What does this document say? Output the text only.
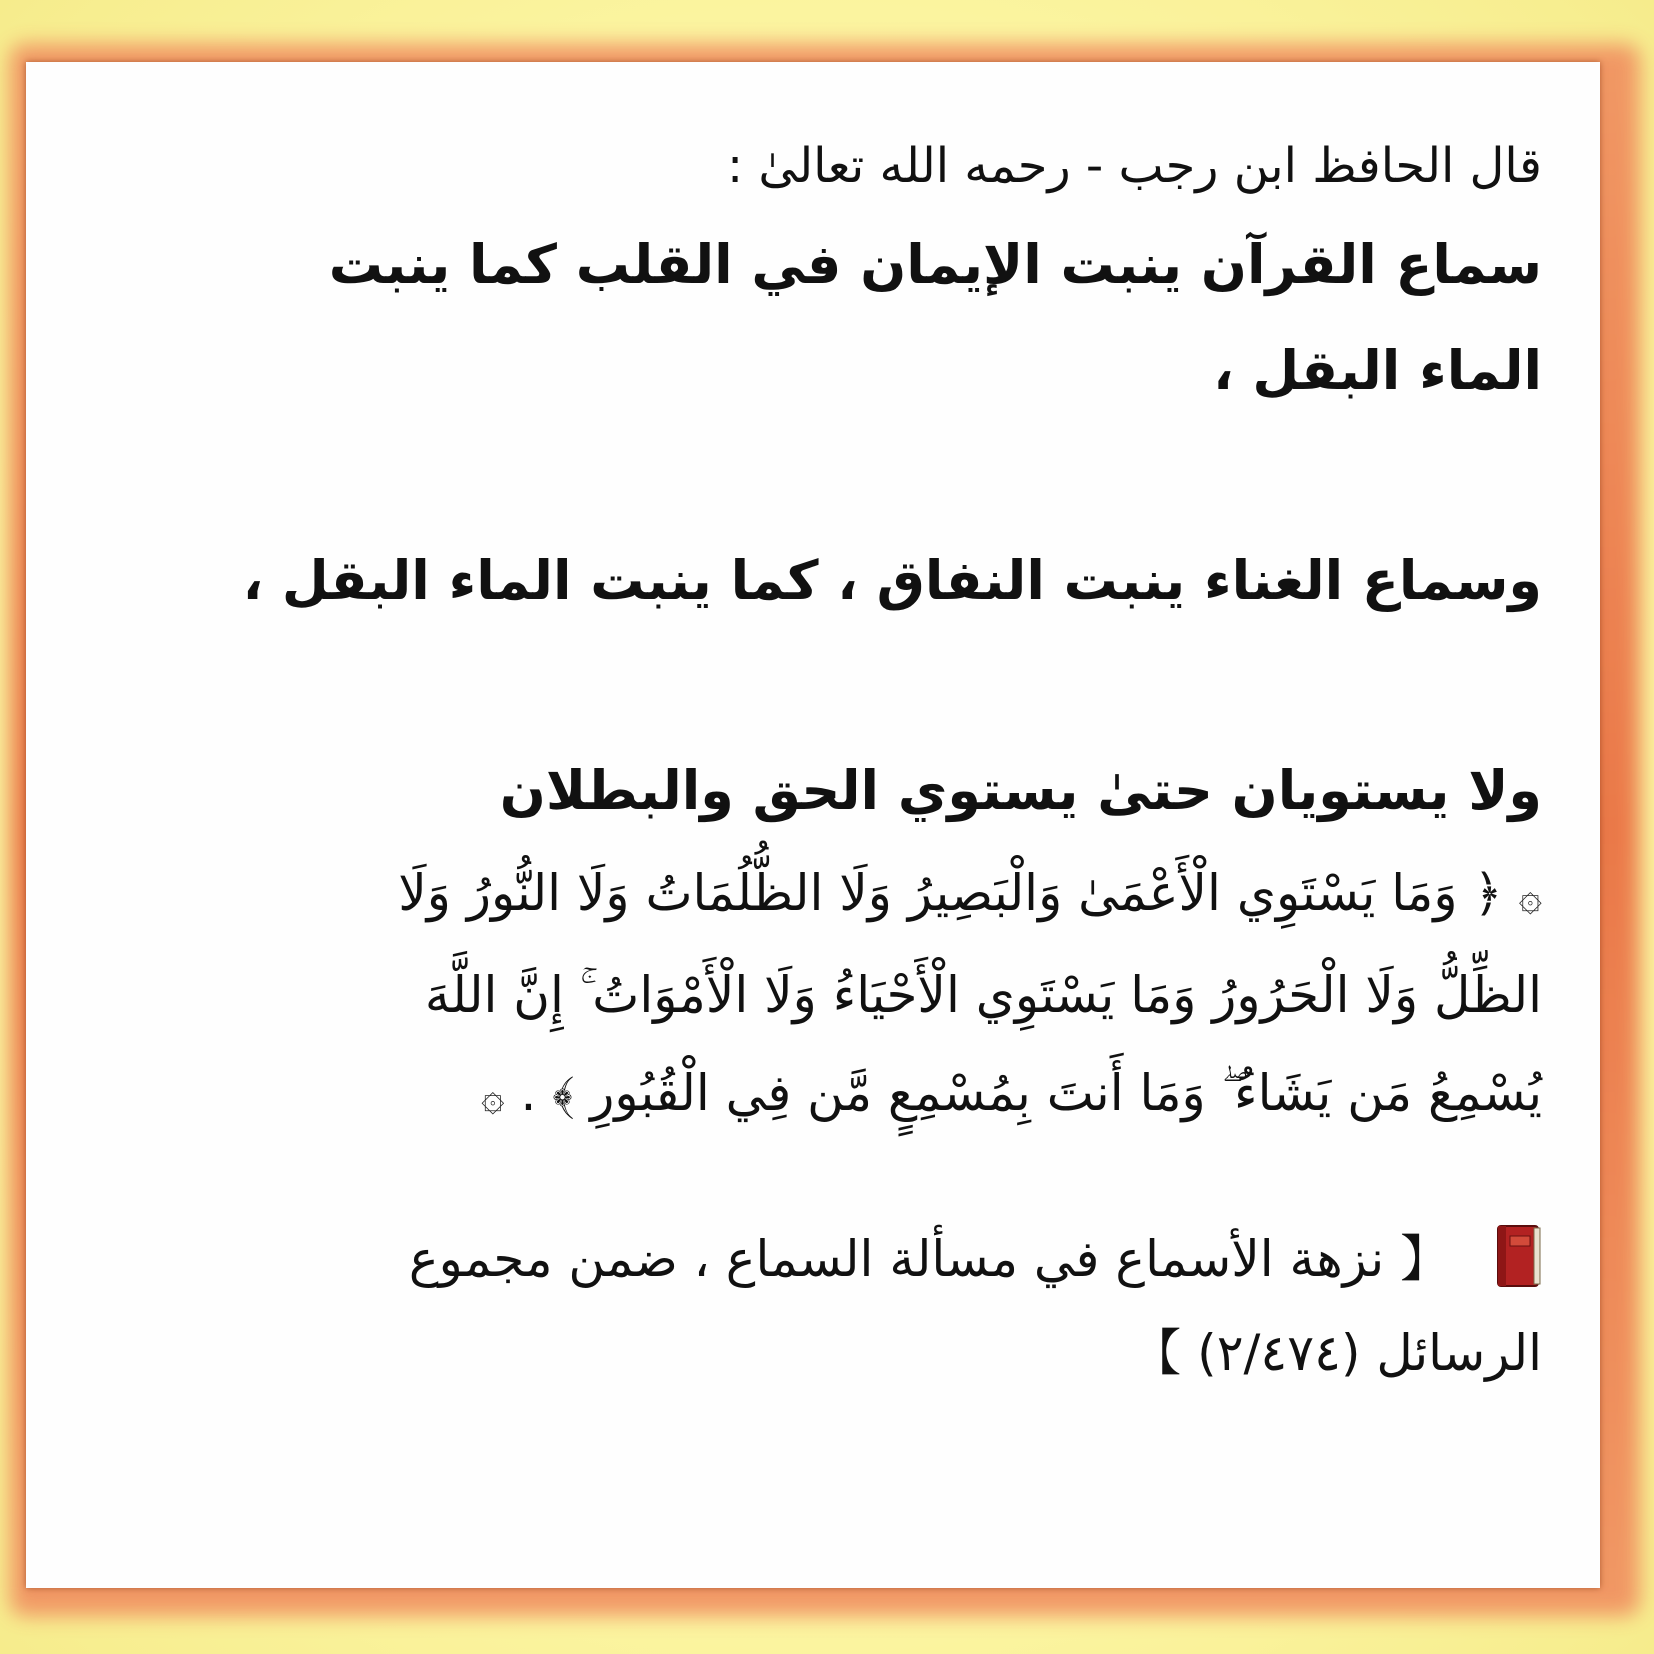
قال الحافظ ابن رجب - رحمه الله تعالىٰ :

سماع القرآن ينبت الإيمان في القلب كما ينبت

الماء البقل ،

وسماع الغناء ينبت النفاق ، كما ينبت الماء البقل ،

ولا يستويان حتىٰ يستوي الحق والبطلان

۞ ﴿ وَمَا يَسْتَوِي الْأَعْمَىٰ وَالْبَصِيرُ وَلَا الظُّلُمَاتُ وَلَا النُّورُ وَلَا

الظِّلُّ وَلَا الْحَرُورُ وَمَا يَسْتَوِي الْأَحْيَاءُ وَلَا الْأَمْوَاتُ ۚ إِنَّ اللَّهَ

يُسْمِعُ مَن يَشَاءُ ۖ وَمَا أَنتَ بِمُسْمِعٍ مَّن فِي الْقُبُورِ ﴾ . ۞

【 نزهة الأسماع في مسألة السماع ، ضمن مجموع

الرسائل (٢/٤٧٤) 】
